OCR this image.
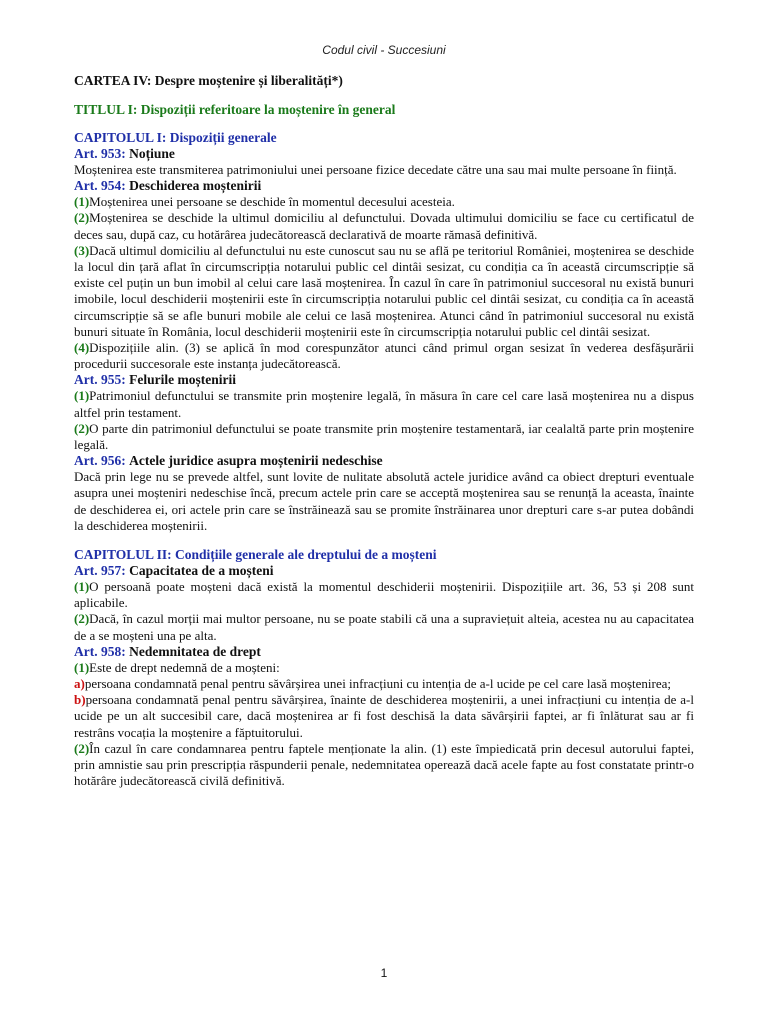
Codul civil - Succesiuni

CARTEA IV: Despre moștenire și liberalități*)

TITLUL I: Dispoziții referitoare la moștenire în general

CAPITOLUL I: Dispoziții generale

Art. 953: Noțiune

Moștenirea este transmiterea patrimoniului unei persoane fizice decedate către una sau mai multe persoane în ființă.

Art. 954: Deschiderea moștenirii

(1)Moștenirea unei persoane se deschide în momentul decesului acesteia.

(2)Moștenirea se deschide la ultimul domiciliu al defunctului. Dovada ultimului domiciliu se face cu certificatul de deces sau, după caz, cu hotărârea judecătorească declarativă de moarte rămasă definitivă.

(3)Dacă ultimul domiciliu al defunctului nu este cunoscut sau nu se află pe teritoriul României, moștenirea se deschide la locul din țară aflat în circumscripția notarului public cel dintâi sesizat, cu condiția ca în această circumscripție să existe cel puțin un bun imobil al celui care lasă moștenirea. În cazul în care în patrimoniul succesoral nu există bunuri imobile, locul deschiderii moștenirii este în circumscripția notarului public cel dintâi sesizat, cu condiția ca în această circumscripție să se afle bunuri mobile ale celui ce lasă moștenirea. Atunci când în patrimoniul succesoral nu există bunuri situate în România, locul deschiderii moștenirii este în circumscripția notarului public cel dintâi sesizat.

(4)Dispozițiile alin. (3) se aplică în mod corespunzător atunci când primul organ sesizat în vederea desfășurării procedurii succesorale este instanța judecătorească.

Art. 955: Felurile moștenirii

(1)Patrimoniul defunctului se transmite prin moștenire legală, în măsura în care cel care lasă moștenirea nu a dispus altfel prin testament.

(2)O parte din patrimoniul defunctului se poate transmite prin moștenire testamentară, iar cealaltă parte prin moștenire legală.

Art. 956: Actele juridice asupra moștenirii nedeschise

Dacă prin lege nu se prevede altfel, sunt lovite de nulitate absolută actele juridice având ca obiect drepturi eventuale asupra unei moșteniri nedeschise încă, precum actele prin care se acceptă moștenirea sau se renunță la aceasta, înainte de deschiderea ei, ori actele prin care se înstrăinează sau se promite înstrăinarea unor drepturi care s-ar putea dobândi la deschiderea moștenirii.

CAPITOLUL II: Condițiile generale ale dreptului de a moșteni

Art. 957: Capacitatea de a moșteni

(1)O persoană poate moșteni dacă există la momentul deschiderii moștenirii. Dispozițiile art. 36, 53 și 208 sunt aplicabile.

(2)Dacă, în cazul morții mai multor persoane, nu se poate stabili că una a supraviețuit alteia, acestea nu au capacitatea de a se moșteni una pe alta.

Art. 958: Nedemnitatea de drept

(1)Este de drept nedemnă de a moșteni:

a)persoana condamnată penal pentru săvârșirea unei infracțiuni cu intenția de a-l ucide pe cel care lasă moștenirea;

b)persoana condamnată penal pentru săvârșirea, înainte de deschiderea moștenirii, a unei infracțiuni cu intenția de a-l ucide pe un alt succesibil care, dacă moștenirea ar fi fost deschisă la data săvârșirii faptei, ar fi înlăturat sau ar fi restrâns vocația la moștenire a făptuitorului.

(2)În cazul în care condamnarea pentru faptele menționate la alin. (1) este împiedicată prin decesul autorului faptei, prin amnistie sau prin prescripția răspunderii penale, nedemnitatea operează dacă acele fapte au fost constatate printr-o hotărâre judecătorească civilă definitivă.

1
